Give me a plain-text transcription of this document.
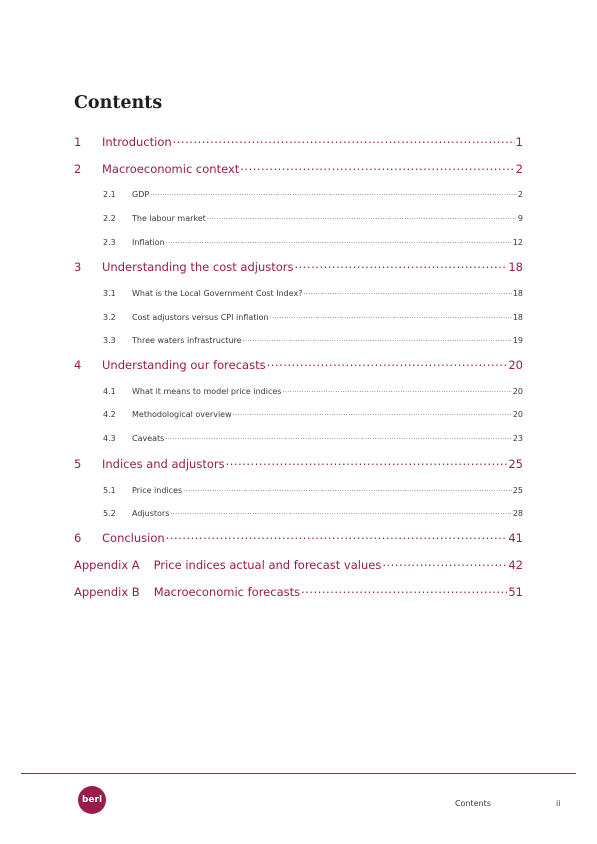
Contents
1	Introduction .....	1
2	Macroeconomic context .....	2
2.1	GDP .....	2
2.2	The labour market .....	9
2.3	Inflation .....	12
3	Understanding the cost adjustors .....	18
3.1	What is the Local Government Cost Index? .....	18
3.2	Cost adjustors versus CPI inflation .....	18
3.3	Three waters infrastructure .....	19
4	Understanding our forecasts .....	20
4.1	What it means to model price indices .....	20
4.2	Methodological overview .....	20
4.3	Caveats .....	23
5	Indices and adjustors .....	25
5.1	Price indices .....	25
5.2	Adjustors .....	28
6	Conclusion .....	41
Appendix A Price indices actual and forecast values .....	42
Appendix B Macroeconomic forecasts .....	51
berl	Contents	ii
